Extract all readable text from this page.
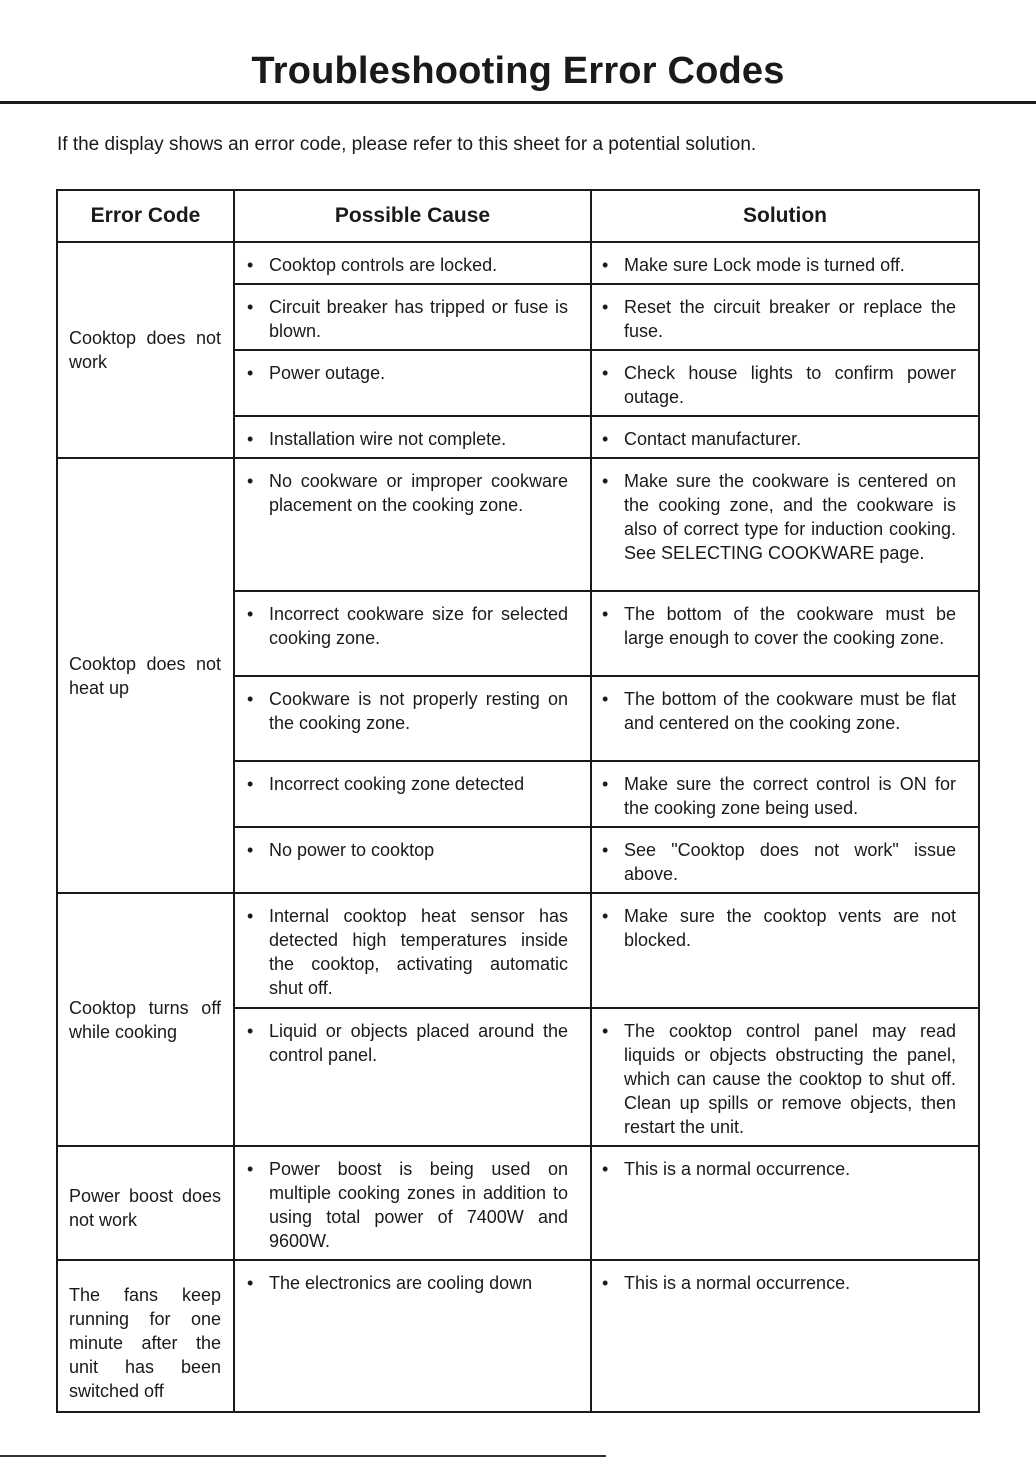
Troubleshooting Error Codes

If the display shows an error code, please refer to this sheet for a potential solution.

Error Code	Possible Cause	Solution
Cooktop does not work	• Cooktop controls are locked.	• Make sure Lock mode is turned off.

	• Circuit breaker has tripped or fuse is blown.	• Reset the circuit breaker or replace the fuse.

	• Power outage.	• Check house lights to confirm power outage.

	• Installation wire not complete.	• Contact manufacturer.

Cooktop does not heat up	• No cookware or improper cookware placement on the cooking zone.	• Make sure the cookware is centered on the cooking zone, and the cookware is also of correct type for induction cooking. See SELECTING COOKWARE page.

	• Incorrect cookware size for selected cooking zone.	• The bottom of the cookware must be large enough to cover the cooking zone.

	• Cookware is not properly resting on the cooking zone.	• The bottom of the cookware must be flat and centered on the cooking zone.

	• Incorrect cooking zone detected	• Make sure the correct control is ON for the cooking zone being used.

	• No power to cooktop	• See "Cooktop does not work" issue above.

Cooktop turns off while cooking	• Internal cooktop heat sensor has detected high temperatures inside the cooktop, activating automatic shut off.	• Make sure the cooktop vents are not blocked.

	• Liquid or objects placed around the control panel.	• The cooktop control panel may read liquids or objects obstructing the panel, which can cause the cooktop to shut off. Clean up spills or remove objects, then restart the unit.

Power boost does not work	• Power boost is being used on multiple cooking zones in addition to using total power of 7400W and 9600W.	• This is a normal occurrence.

The fans keep running for one minute after the unit has been switched off	• The electronics are cooling down	• This is a normal occurrence.
